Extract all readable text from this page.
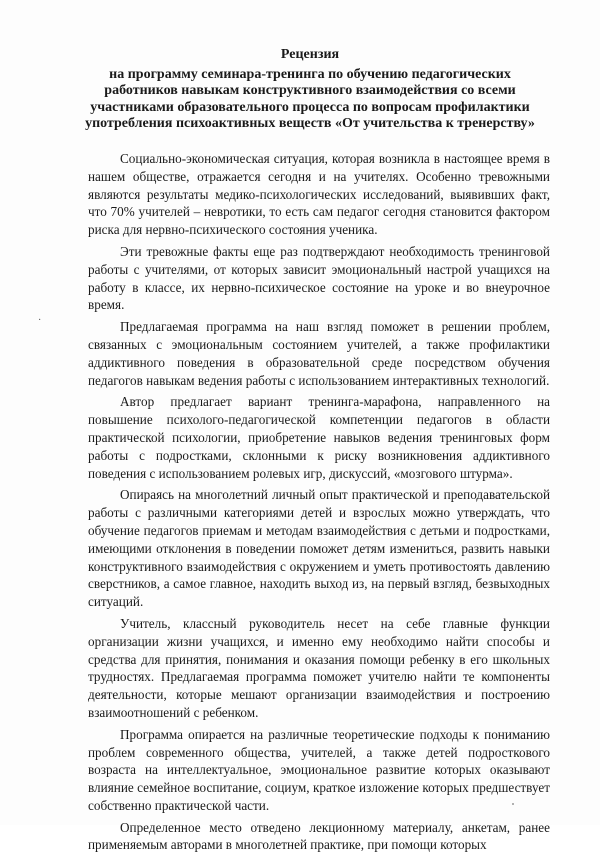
Рецензия
на программу семинара-тренинга по обучению педагогических
работников навыкам конструктивного взаимодействия со всеми
участниками образовательного процесса по вопросам профилактики
употребления психоактивных веществ «От учительства к тренерству»

Социально-экономическая ситуация, которая возникла в настоящее время в нашем обществе, отражается сегодня и на учителях. Особенно тревожными являются результаты медико-психологических исследований, выявивших факт, что 70% учителей – невротики, то есть сам педагог сегодня становится фактором риска для нервно-психического состояния ученика.

Эти тревожные факты еще раз подтверждают необходимость тренинговой работы с учителями, от которых зависит эмоциональный настрой учащихся на работу в классе, их нервно-психическое состояние на уроке и во внеурочное время.

Предлагаемая программа на наш взгляд поможет в решении проблем, связанных с эмоциональным состоянием учителей, а также профилактики аддиктивного поведения в образовательной среде посредством обучения педагогов навыкам ведения работы с использованием интерактивных технологий.

Автор предлагает вариант тренинга-марафона, направленного на повышение психолого-педагогической компетенции педагогов в области практической психологии, приобретение навыков ведения тренинговых форм работы с подростками, склонными к риску возникновения аддиктивного поведения с использованием ролевых игр, дискуссий, «мозгового штурма».

Опираясь на многолетний личный опыт практической и преподавательской работы с различными категориями детей и взрослых можно утверждать, что обучение педагогов приемам и методам взаимодействия с детьми и подростками, имеющими отклонения в поведении поможет детям измениться, развить навыки конструктивного взаимодействия с окружением и уметь противостоять давлению сверстников, а самое главное, находить выход из, на первый взгляд, безвыходных ситуаций.

Учитель, классный руководитель несет на себе главные функции организации жизни учащихся, и именно ему необходимо найти способы и средства для принятия, понимания и оказания помощи ребенку в его школьных трудностях. Предлагаемая программа поможет учителю найти те компоненты деятельности, которые мешают организации взаимодействия и построению взаимоотношений с ребенком.

Программа опирается на различные теоретические подходы к пониманию проблем современного общества, учителей, а также детей подросткового возраста на интеллектуальное, эмоциональное развитие которых оказывают влияние семейное воспитание, социум, краткое изложение которых предшествует собственно практической части.

Определенное место отведено лекционному материалу, анкетам, ранее применяемым авторами в многолетней практике, при помощи которых

·
